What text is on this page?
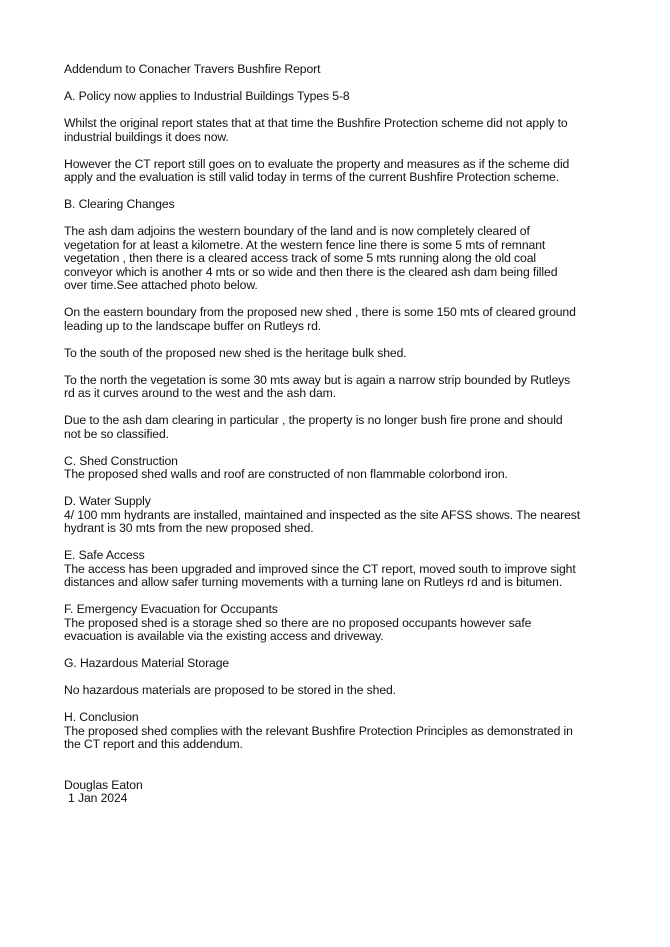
Addendum to Conacher Travers Bushfire Report

A. Policy now applies to Industrial Buildings Types 5-8

Whilst the original report states that at that time the Bushfire Protection scheme did not apply to

industrial buildings it does now.

However the CT report still goes on to evaluate the property and measures as if the scheme did

apply and the evaluation is still valid today in terms of the current Bushfire Protection scheme.

B. Clearing Changes

The ash dam adjoins the western boundary of the land and is now completely cleared of

vegetation for at least a kilometre. At the western fence line there is some 5 mts of remnant

vegetation , then there is a cleared access track of some 5 mts running along the old coal

conveyor which is another 4 mts or so wide and then there is the cleared ash dam being filled

over time.See attached photo below.

On the eastern boundary from the proposed new shed , there is some 150 mts of cleared ground

leading up to the landscape buffer on Rutleys rd.

To the south of the proposed new shed is the heritage bulk shed.

To the north the vegetation is some 30 mts away but is again a narrow strip bounded by Rutleys

rd as it curves around to the west and the ash dam.

Due to the ash dam clearing in particular , the property is no longer bush fire prone and should

not be so classified.

C. Shed Construction

The proposed shed walls and roof are constructed of non flammable colorbond iron.

D. Water Supply

4/ 100 mm hydrants are installed, maintained and inspected as the site AFSS shows. The nearest

hydrant is 30 mts from the new proposed shed.

E. Safe Access

The access has been upgraded and improved since the CT report, moved south to improve sight

distances and allow safer turning movements with a turning lane on Rutleys rd and is bitumen.

F. Emergency Evacuation for Occupants

The proposed shed is a storage shed so there are no proposed occupants however safe

evacuation is available via the existing access and driveway.

G. Hazardous Material Storage

No hazardous materials are proposed to be stored in the shed.

H. Conclusion

The proposed shed complies with the relevant Bushfire Protection Principles as demonstrated in

the CT report and this addendum.

Douglas Eaton

1 Jan 2024
